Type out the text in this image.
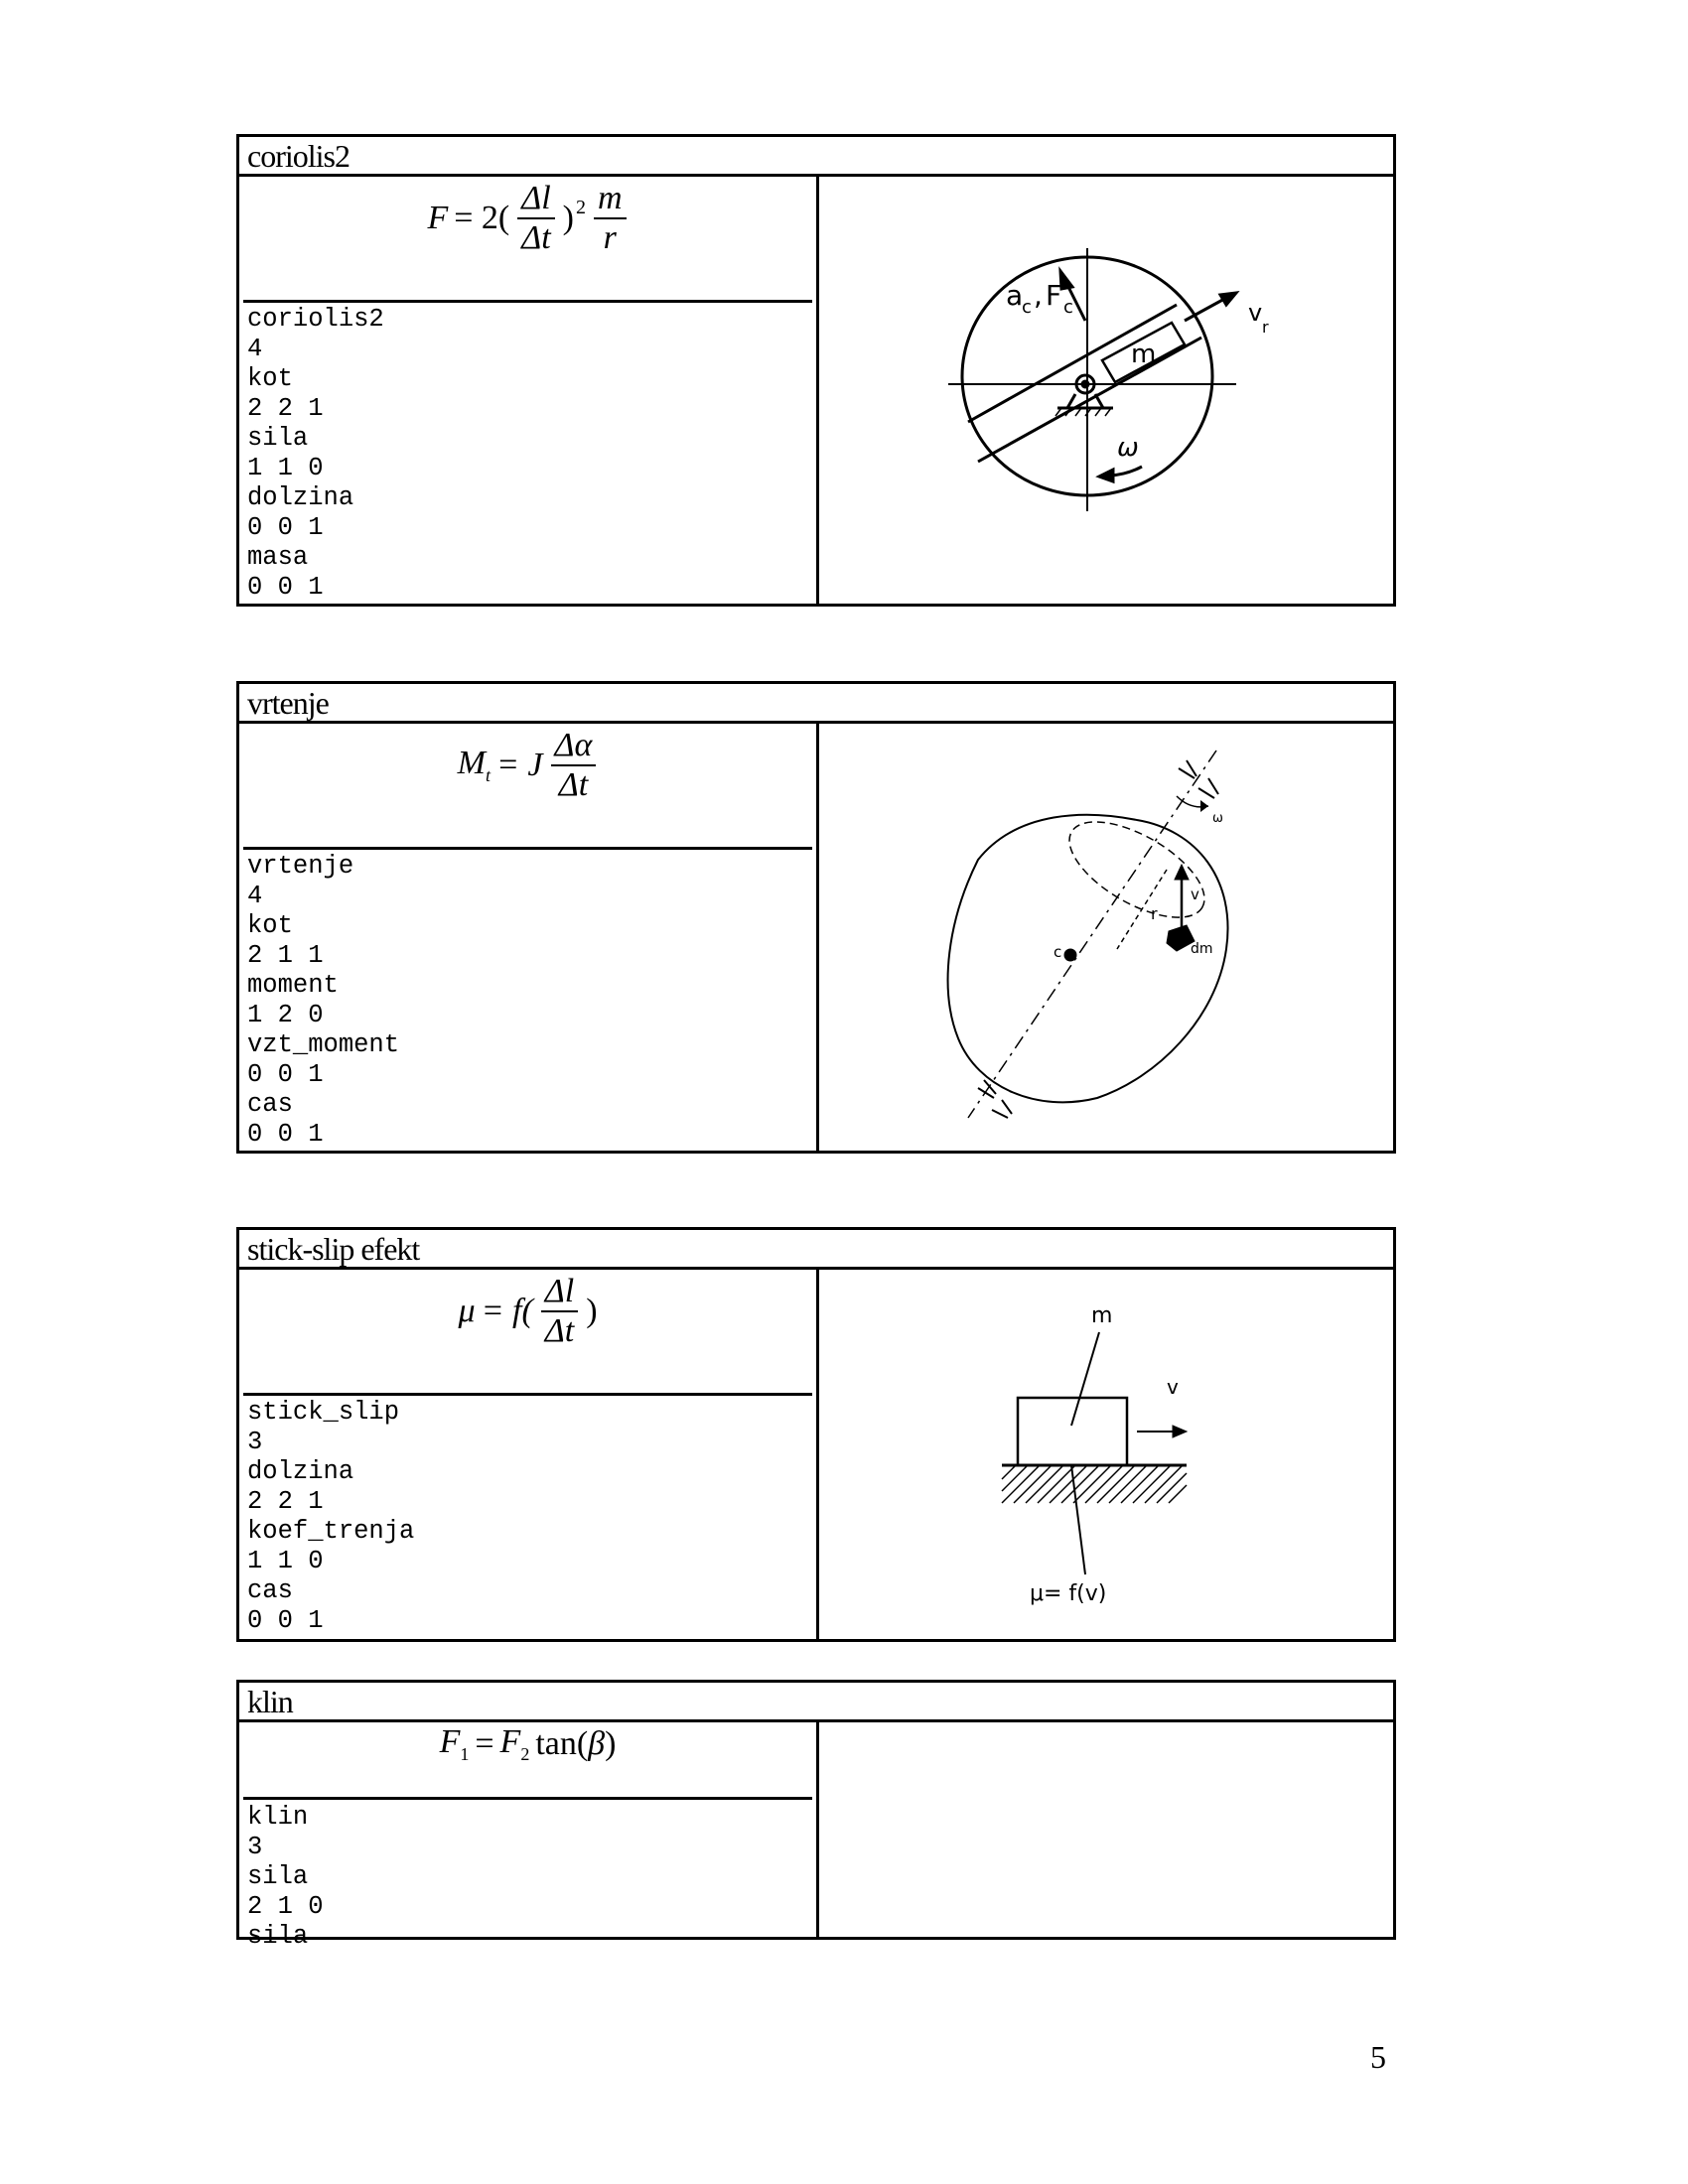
coriolis2
$F = 2( \frac{\Delta l}{\Delta t} )^2 \frac{m}{r}$
coriolis2
4
kot
2 2 1
sila
1 1 0
dolzina
0 0 1
masa
0 0 1
a
c , F c
m
v
r
ω
vrtenje
$M_t = J \frac{\Delta\alpha}{\Delta t}$
vrtenje
4
kot
2 1 1
moment
1 2 0
vzt_moment
0 0 1
cas
0 0 1
ω
v
r
c	dm
stick-slip efekt
$\mu = f( \frac{\Delta l}{\Delta t}$ )
stick_slip
3
dolzina
2 2 1
koef_trenja
1 1 0
cas
0 0 1
m
v
μ= f(v)
klin
$F_1 = F_2$ tan(β)
klin
3
sila
2 1 0
sila
5
